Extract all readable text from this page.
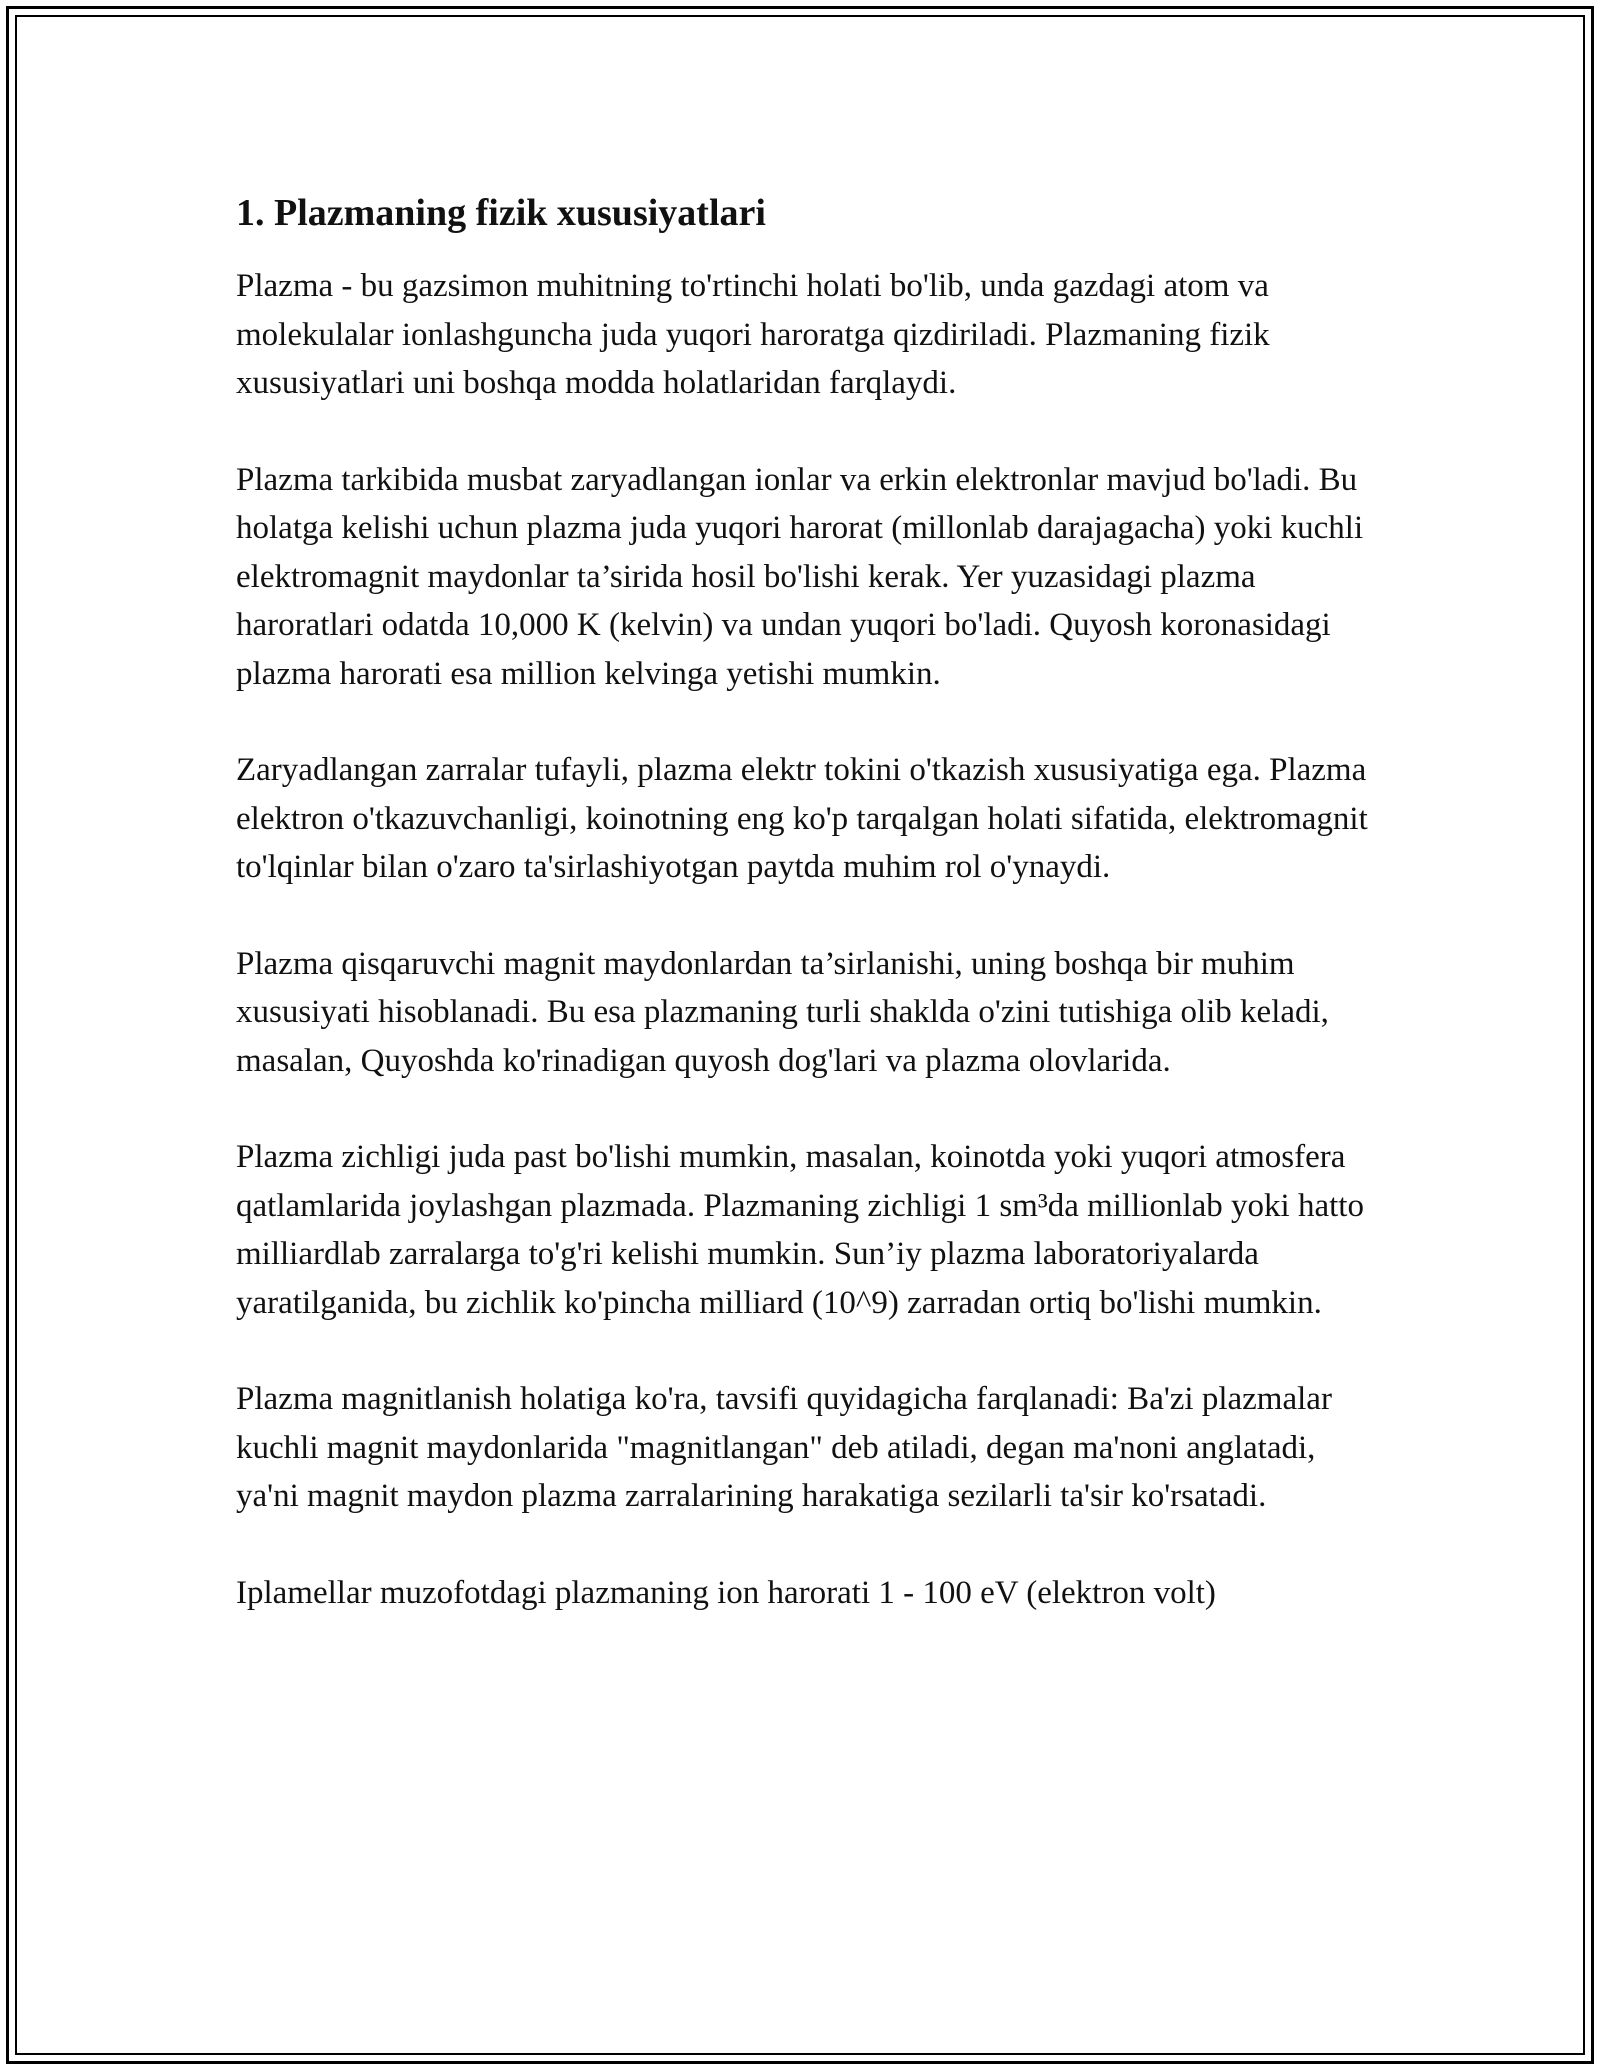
1. Plazmaning fizik xususiyatlari

Plazma - bu gazsimon muhitning to'rtinchi holati bo'lib, unda gazdagi atom va molekulalar ionlashguncha juda yuqori haroratga qizdiriladi. Plazmaning fizik xususiyatlari uni boshqa modda holatlaridan farqlaydi.

Plazma tarkibida musbat zaryadlangan ionlar va erkin elektronlar mavjud bo'ladi. Bu holatga kelishi uchun plazma juda yuqori harorat (millonlab darajagacha) yoki kuchli elektromagnit maydonlar ta’sirida hosil bo'lishi kerak. Yer yuzasidagi plazma haroratlari odatda 10,000 K (kelvin) va undan yuqori bo'ladi. Quyosh koronasidagi plazma harorati esa million kelvinga yetishi mumkin.

Zaryadlangan zarralar tufayli, plazma elektr tokini o'tkazish xususiyatiga ega. Plazma elektron o'tkazuvchanligi, koinotning eng ko'p tarqalgan holati sifatida, elektromagnit to'lqinlar bilan o'zaro ta'sirlashiyotgan paytda muhim rol o'ynaydi.

Plazma qisqaruvchi magnit maydonlardan ta’sirlanishi, uning boshqa bir muhim xususiyati hisoblanadi. Bu esa plazmaning turli shaklda o'zini tutishiga olib keladi, masalan, Quyoshda ko'rinadigan quyosh dog'lari va plazma olovlarida.

Plazma zichligi juda past bo'lishi mumkin, masalan, koinotda yoki yuqori atmosfera qatlamlarida joylashgan plazmada. Plazmaning zichligi 1 sm³da millionlab yoki hatto milliardlab zarralarga to'g'ri kelishi mumkin. Sun’iy plazma laboratoriyalarda yaratilganida, bu zichlik ko'pincha milliard (10^9) zarradan ortiq bo'lishi mumkin.

Plazma magnitlanish holatiga ko'ra, tavsifi quyidagicha farqlanadi: Ba'zi plazmalar kuchli magnit maydonlarida "magnitlangan" deb atiladi, degan ma'noni anglatadi, ya'ni magnit maydon plazma zarralarining harakatiga sezilarli ta'sir ko'rsatadi.

Iplamellar muzofotdagi plazmaning ion harorati 1 - 100 eV (elektron volt)
